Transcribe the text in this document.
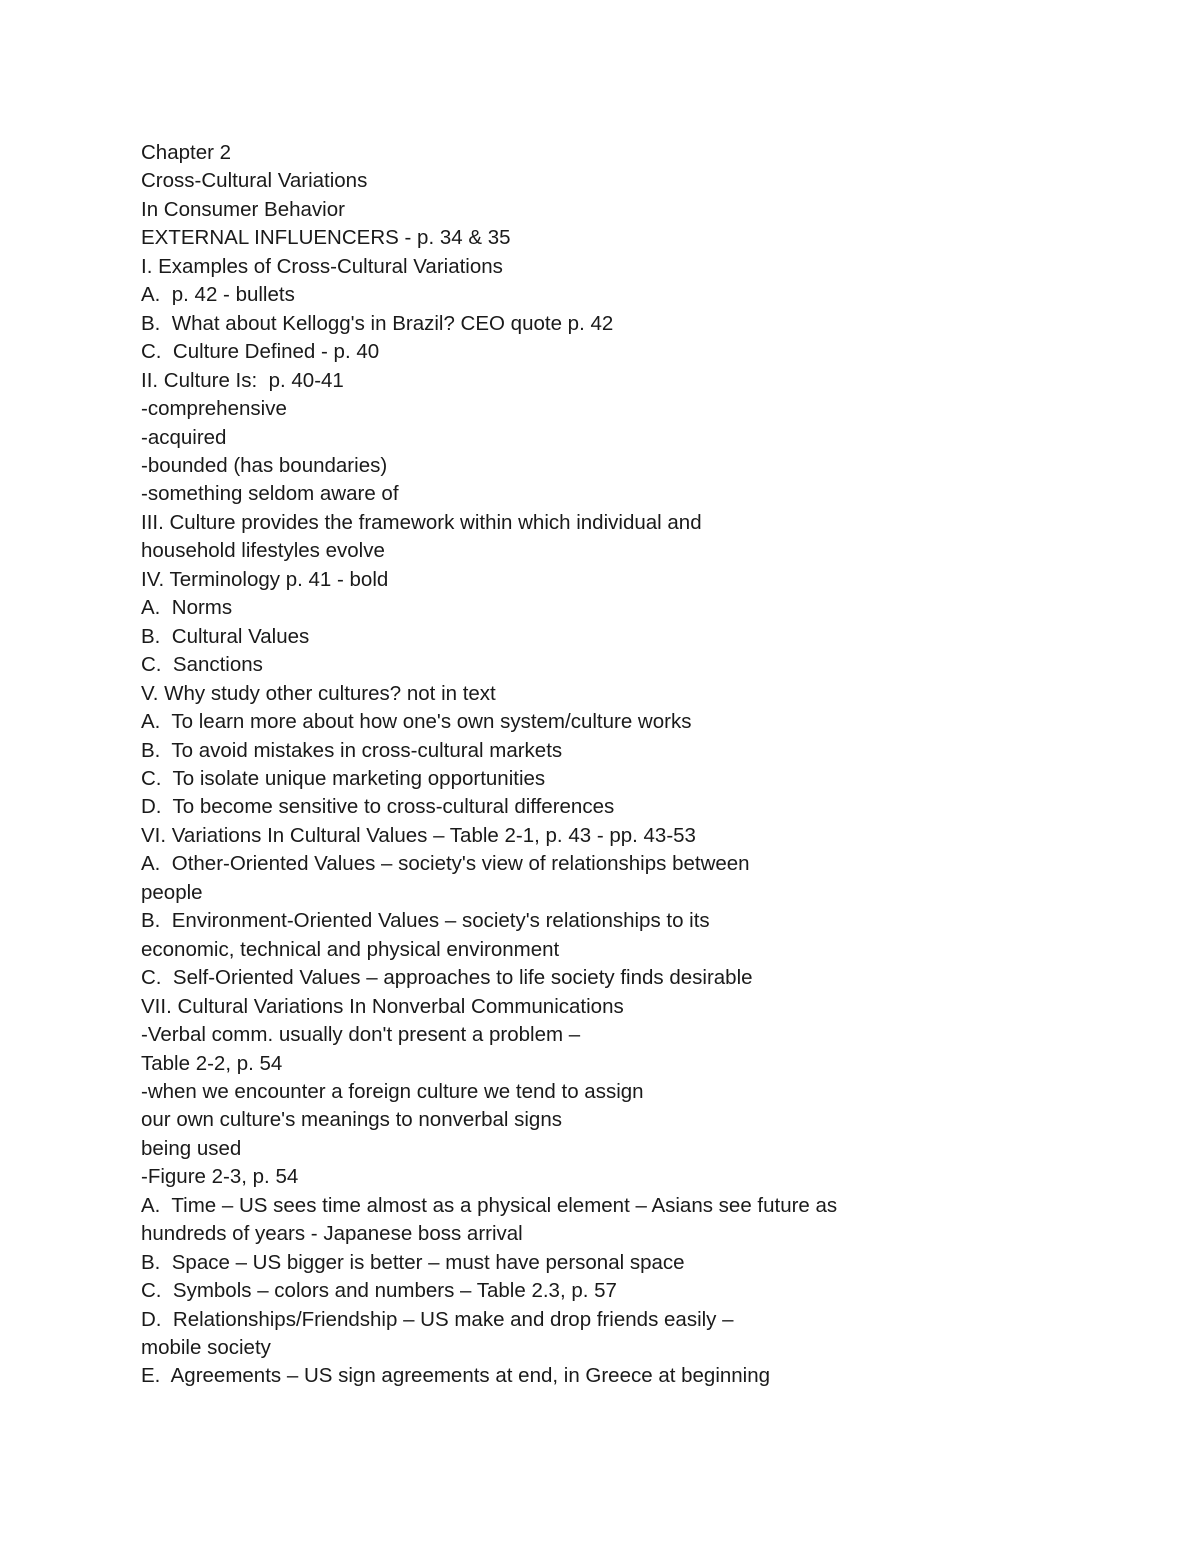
Chapter 2
Cross-Cultural Variations
In Consumer Behavior
EXTERNAL INFLUENCERS - p. 34 & 35
I. Examples of Cross-Cultural Variations
A.  p. 42 - bullets
B.  What about Kellogg's in Brazil? CEO quote p. 42
C.  Culture Defined - p. 40
II. Culture Is:  p. 40-41
-comprehensive
-acquired
-bounded (has boundaries)
-something seldom aware of
III. Culture provides the framework within which individual and
household lifestyles evolve
IV. Terminology p. 41 - bold
A.  Norms
B.  Cultural Values
C.  Sanctions
V. Why study other cultures? not in text
A.  To learn more about how one's own system/culture works
B.  To avoid mistakes in cross-cultural markets
C.  To isolate unique marketing opportunities
D.  To become sensitive to cross-cultural differences
VI. Variations In Cultural Values – Table 2-1, p. 43 - pp. 43-53
A.  Other-Oriented Values – society's view of relationships between
people
B.  Environment-Oriented Values – society's relationships to its
economic, technical and physical environment
C.  Self-Oriented Values – approaches to life society finds desirable
VII. Cultural Variations In Nonverbal Communications
-Verbal comm. usually don't present a problem –
Table 2-2, p. 54
-when we encounter a foreign culture we tend to assign
our own culture's meanings to nonverbal signs
being used
-Figure 2-3, p. 54
A.  Time – US sees time almost as a physical element – Asians see future as
hundreds of years - Japanese boss arrival
B.  Space – US bigger is better – must have personal space
C.  Symbols – colors and numbers – Table 2.3, p. 57
D.  Relationships/Friendship – US make and drop friends easily –
mobile society
E.  Agreements – US sign agreements at end, in Greece at beginning
